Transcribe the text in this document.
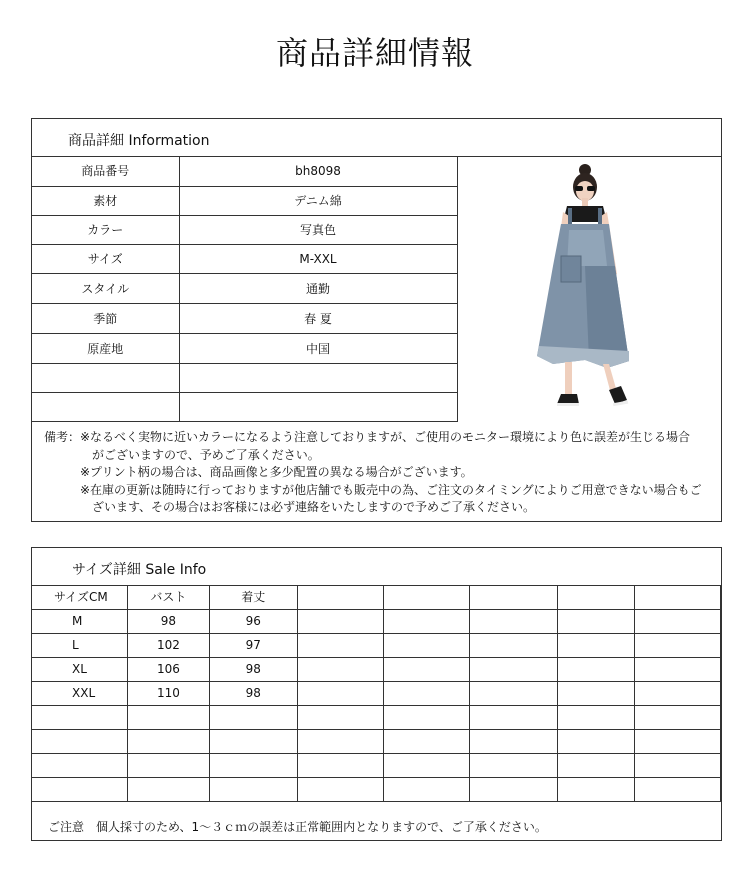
商品詳細情報
商品詳細 Information
商品番号	bh8098
素材	デニム綿
カラー	写真色
サイズ	M-XXL
スタイル	通勤
季節	春 夏
原産地	中国

備考：※なるべく実物に近いカラーになるよう注意しておりますが、ご使用のモニター環境により色に誤差が生じる場合
がございますので、予めご了承ください。
※プリント柄の場合は、商品画像と多少配置の異なる場合がございます。
※在庫の更新は随時に行っておりますが他店舗でも販売中の為、ご注文のタイミングによりご用意できない場合もご
ざいます、その場合はお客様には必ず連絡をいたしますので予めご了承ください。
サイズ詳細 Sale Info
サイズCM	バスト	着丈					
M	98	96					
L	102	97					
XL	106	98					
XXL	110	98					

ご注意　個人採寸のため、1～３ｃｍの誤差は正常範囲内となりますので、ご了承ください。
